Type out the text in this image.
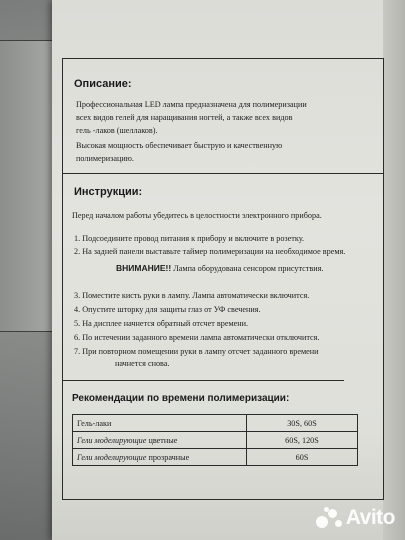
Описание:
Профессиональная LED лампа предназначена для полимеризации
всех видов гелей для наращивания ногтей, а также всех видов
гель -лаков (шеллаков).
Высокая мощность обеспечивает быструю и качественную
полимеризацию.
Инструкции:
Перед началом работы убедитесь в целостности электронного прибора.
1. Подсоедините провод питания к прибору и включите в розетку.
2. На задней панели выставьте таймер полимеризации на необходимое время.
ВНИМАНИЕ!! Лампа оборудована сенсором присутствия.
3. Поместите кисть руки в лампу. Лампа автоматически включится.
4. Опустите шторку для защиты глаз от УФ свечения.
5. На дисплее начнется обратный отсчет времени.
6. По истечении заданного времени лампа автоматически отключится.
7. При повторном помещении руки в лампу отсчет заданного времени
начнется снова.
Рекомендации по времени полимеризации:
Гель-лаки	30S, 60S
Гели моделирующие цветные	60S, 120S
Гели моделирующие прозрачные	60S
Avito
